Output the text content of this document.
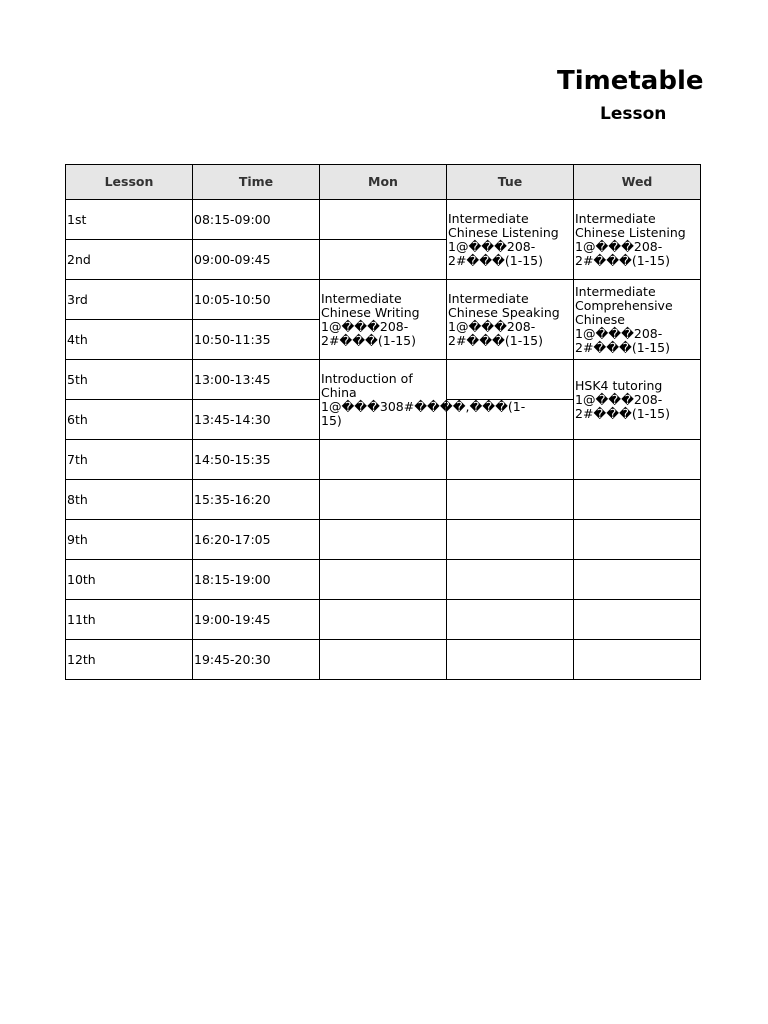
Timetable
Lesson
Lesson	Time	Mon	Tue	Wed
1st	08:15-09:00		Intermediate Chinese Listening 1@���208-2#���(1-15)	Intermediate Chinese Listening 1@���208-2#���(1-15)
2nd	09:00-09:45			
3rd	10:05-10:50	Intermediate Chinese Writing 1@���208-2#���(1-15)	Intermediate Chinese Speaking 1@���208-2#���(1-15)	Intermediate Comprehensive Chinese 1@���208-2#���(1-15)
4th	10:50-11:35			
5th	13:00-13:45	Introduction of China 1@���308#����,���(1-15)		HSK4 tutoring 1@���208-2#���(1-15)
6th	13:45-14:30			
7th	14:50-15:35			
8th	15:35-16:20			
9th	16:20-17:05			
10th	18:15-19:00			
11th	19:00-19:45			
12th	19:45-20:30			
